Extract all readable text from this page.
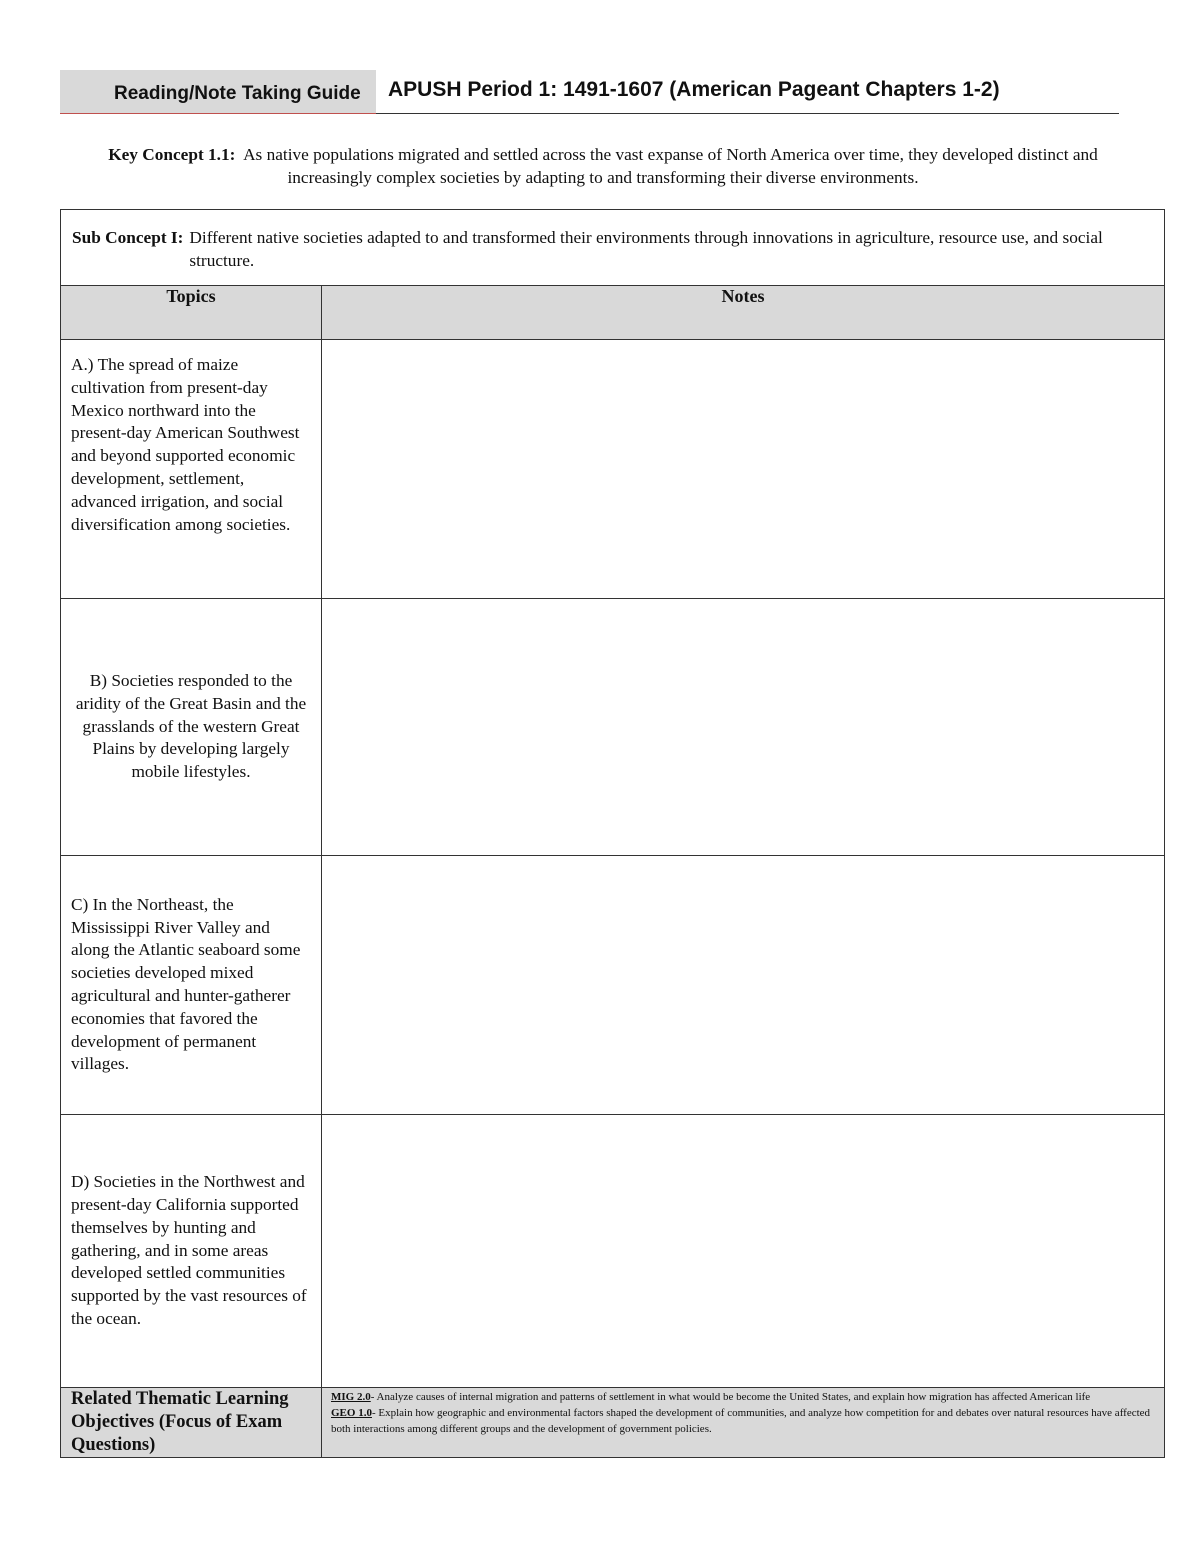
Reading/Note Taking Guide	APUSH Period 1: 1491-1607 (American Pageant Chapters 1-2)
Key Concept 1.1: As native populations migrated and settled across the vast expanse of North America over time, they developed distinct and increasingly complex societies by adapting to and transforming their diverse environments.
Sub Concept I: Different native societies adapted to and transformed their environments through innovations in agriculture, resource use, and social structure.	

Topics	Notes

A.) The spread of maize cultivation from present-day Mexico northward into the present-day American Southwest and beyond supported economic development, settlement, advanced irrigation, and social diversification among societies.	

B) Societies responded to the aridity of the Great Basin and the grasslands of the western Great Plains by developing largely mobile lifestyles.	

C) In the Northeast, the Mississippi River Valley and along the Atlantic seaboard some societies developed mixed agricultural and hunter-gatherer economies that favored the development of permanent villages.	

D) Societies in the Northwest and present-day California supported themselves by hunting and gathering, and in some areas developed settled communities supported by the vast resources of the ocean.	

Related Thematic Learning Objectives (Focus of Exam Questions)	MIG 2.0- Analyze causes of internal migration and patterns of settlement in what would be become the United States, and explain how migration has affected American life
GEO 1.0- Explain how geographic and environmental factors shaped the development of communities, and analyze how competition for and debates over natural resources have affected both interactions among different groups and the development of government policies.
